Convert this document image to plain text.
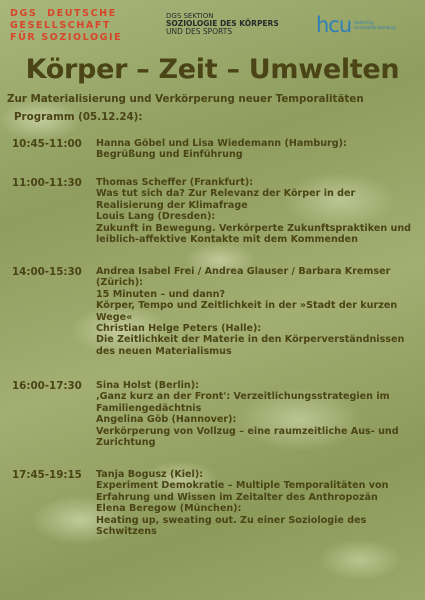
DGS DEUTSCHE
GESELLSCHAFT
FÜR SOZIOLOGIE
DGS SEKTION
SOZIOLOGIE DES KÖRPERS
UND DES SPORTS	hcu HafenCity Universität Hamburg
Körper – Zeit – Umwelten
Zur Materialisierung und Verkörperung neuer Temporalitäten
Programm (05.12.24):
10:45-11:00 Hanna Göbel und Lisa Wiedemann (Hamburg):
Begrüßung und Einführung
11:00-11:30 Thomas Scheffer (Frankfurt):
Was tut sich da? Zur Relevanz der Körper in der
Realisierung der Klimafrage
Louis Lang (Dresden):
Zukunft in Bewegung. Verkörperte Zukunftspraktiken und
leiblich-affektive Kontakte mit dem Kommenden
14:00-15:30 Andrea Isabel Frei / Andrea Glauser / Barbara Kremser
(Zürich):
15 Minuten – und dann?
Körper, Tempo und Zeitlichkeit in der »Stadt der kurzen
Wege«
Christian Helge Peters (Halle):
Die Zeitlichkeit der Materie in den Körperverständnissen
des neuen Materialismus
16:00-17:30 Sina Holst (Berlin):
‚Ganz kurz an der Front': Verzeitlichungsstrategien im
Familiengedächtnis
Angelina Göb (Hannover):
Verkörperung von Vollzug – eine raumzeitliche Aus- und
Zurichtung
17:45-19:15 Tanja Bogusz (Kiel):
Experiment Demokratie – Multiple Temporalitäten von
Erfahrung und Wissen im Zeitalter des Anthropozän
Elena Beregow (München):
Heating up, sweating out. Zu einer Soziologie des
Schwitzens
